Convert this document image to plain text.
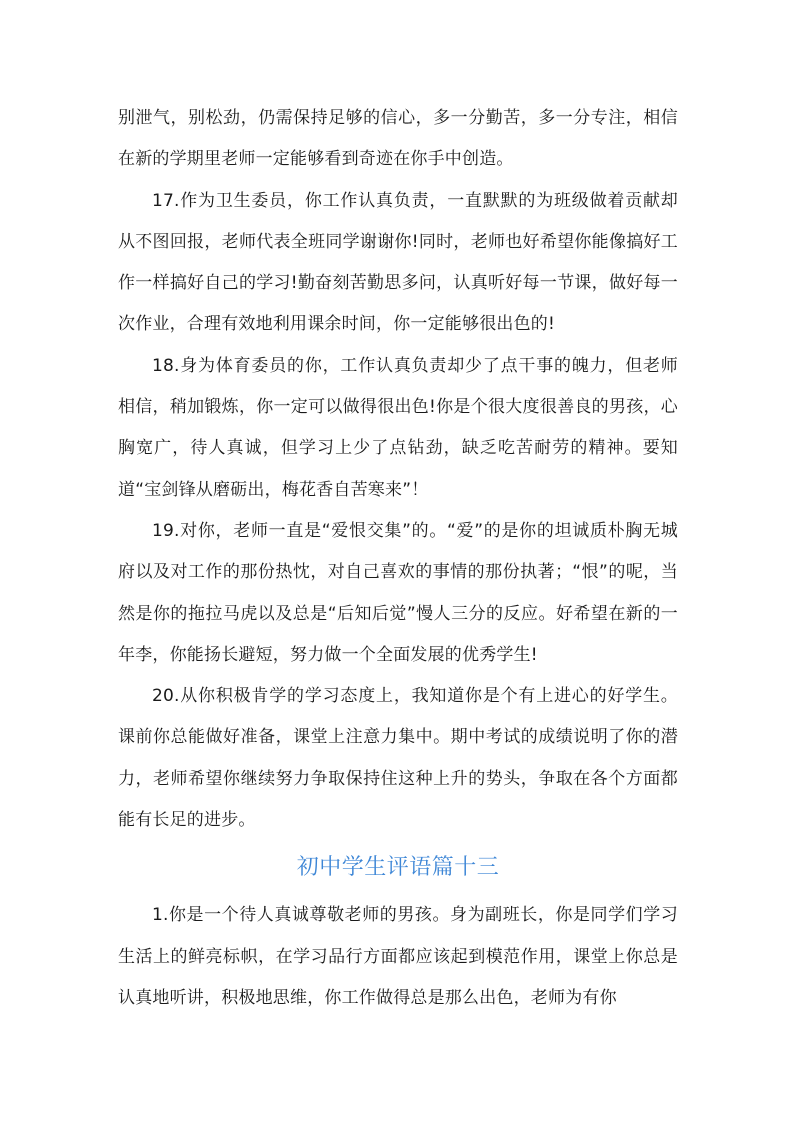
别泄气，别松劲，仍需保持足够的信心，多一分勤苦，多一分专注，相信在新的学期里老师一定能够看到奇迹在你手中创造。

17.作为卫生委员，你工作认真负责，一直默默的为班级做着贡献却从不图回报，老师代表全班同学谢谢你!同时，老师也好希望你能像搞好工作一样搞好自己的学习!勤奋刻苦勤思多问，认真听好每一节课，做好每一次作业，合理有效地利用课余时间，你一定能够很出色的!

18.身为体育委员的你，工作认真负责却少了点干事的魄力，但老师相信，稍加锻炼，你一定可以做得很出色!你是个很大度很善良的男孩，心胸宽广，待人真诚，但学习上少了点钻劲，缺乏吃苦耐劳的精神。要知道“宝剑锋从磨砺出，梅花香自苦寒来”！

19.对你，老师一直是“爱恨交集”的。“爱”的是你的坦诚质朴胸无城府以及对工作的那份热忱，对自己喜欢的事情的那份执著；“恨”的呢，当然是你的拖拉马虎以及总是“后知后觉”慢人三分的反应。好希望在新的一年李，你能扬长避短，努力做一个全面发展的优秀学生!

20.从你积极肯学的学习态度上，我知道你是个有上进心的好学生。课前你总能做好准备，课堂上注意力集中。期中考试的成绩说明了你的潜力，老师希望你继续努力争取保持住这种上升的势头，争取在各个方面都能有长足的进步。

初中学生评语篇十三

1.你是一个待人真诚尊敬老师的男孩。身为副班长，你是同学们学习生活上的鲜亮标帜，在学习品行方面都应该起到模范作用，课堂上你总是认真地听讲，积极地思维，你工作做得总是那么出色，老师为有你
